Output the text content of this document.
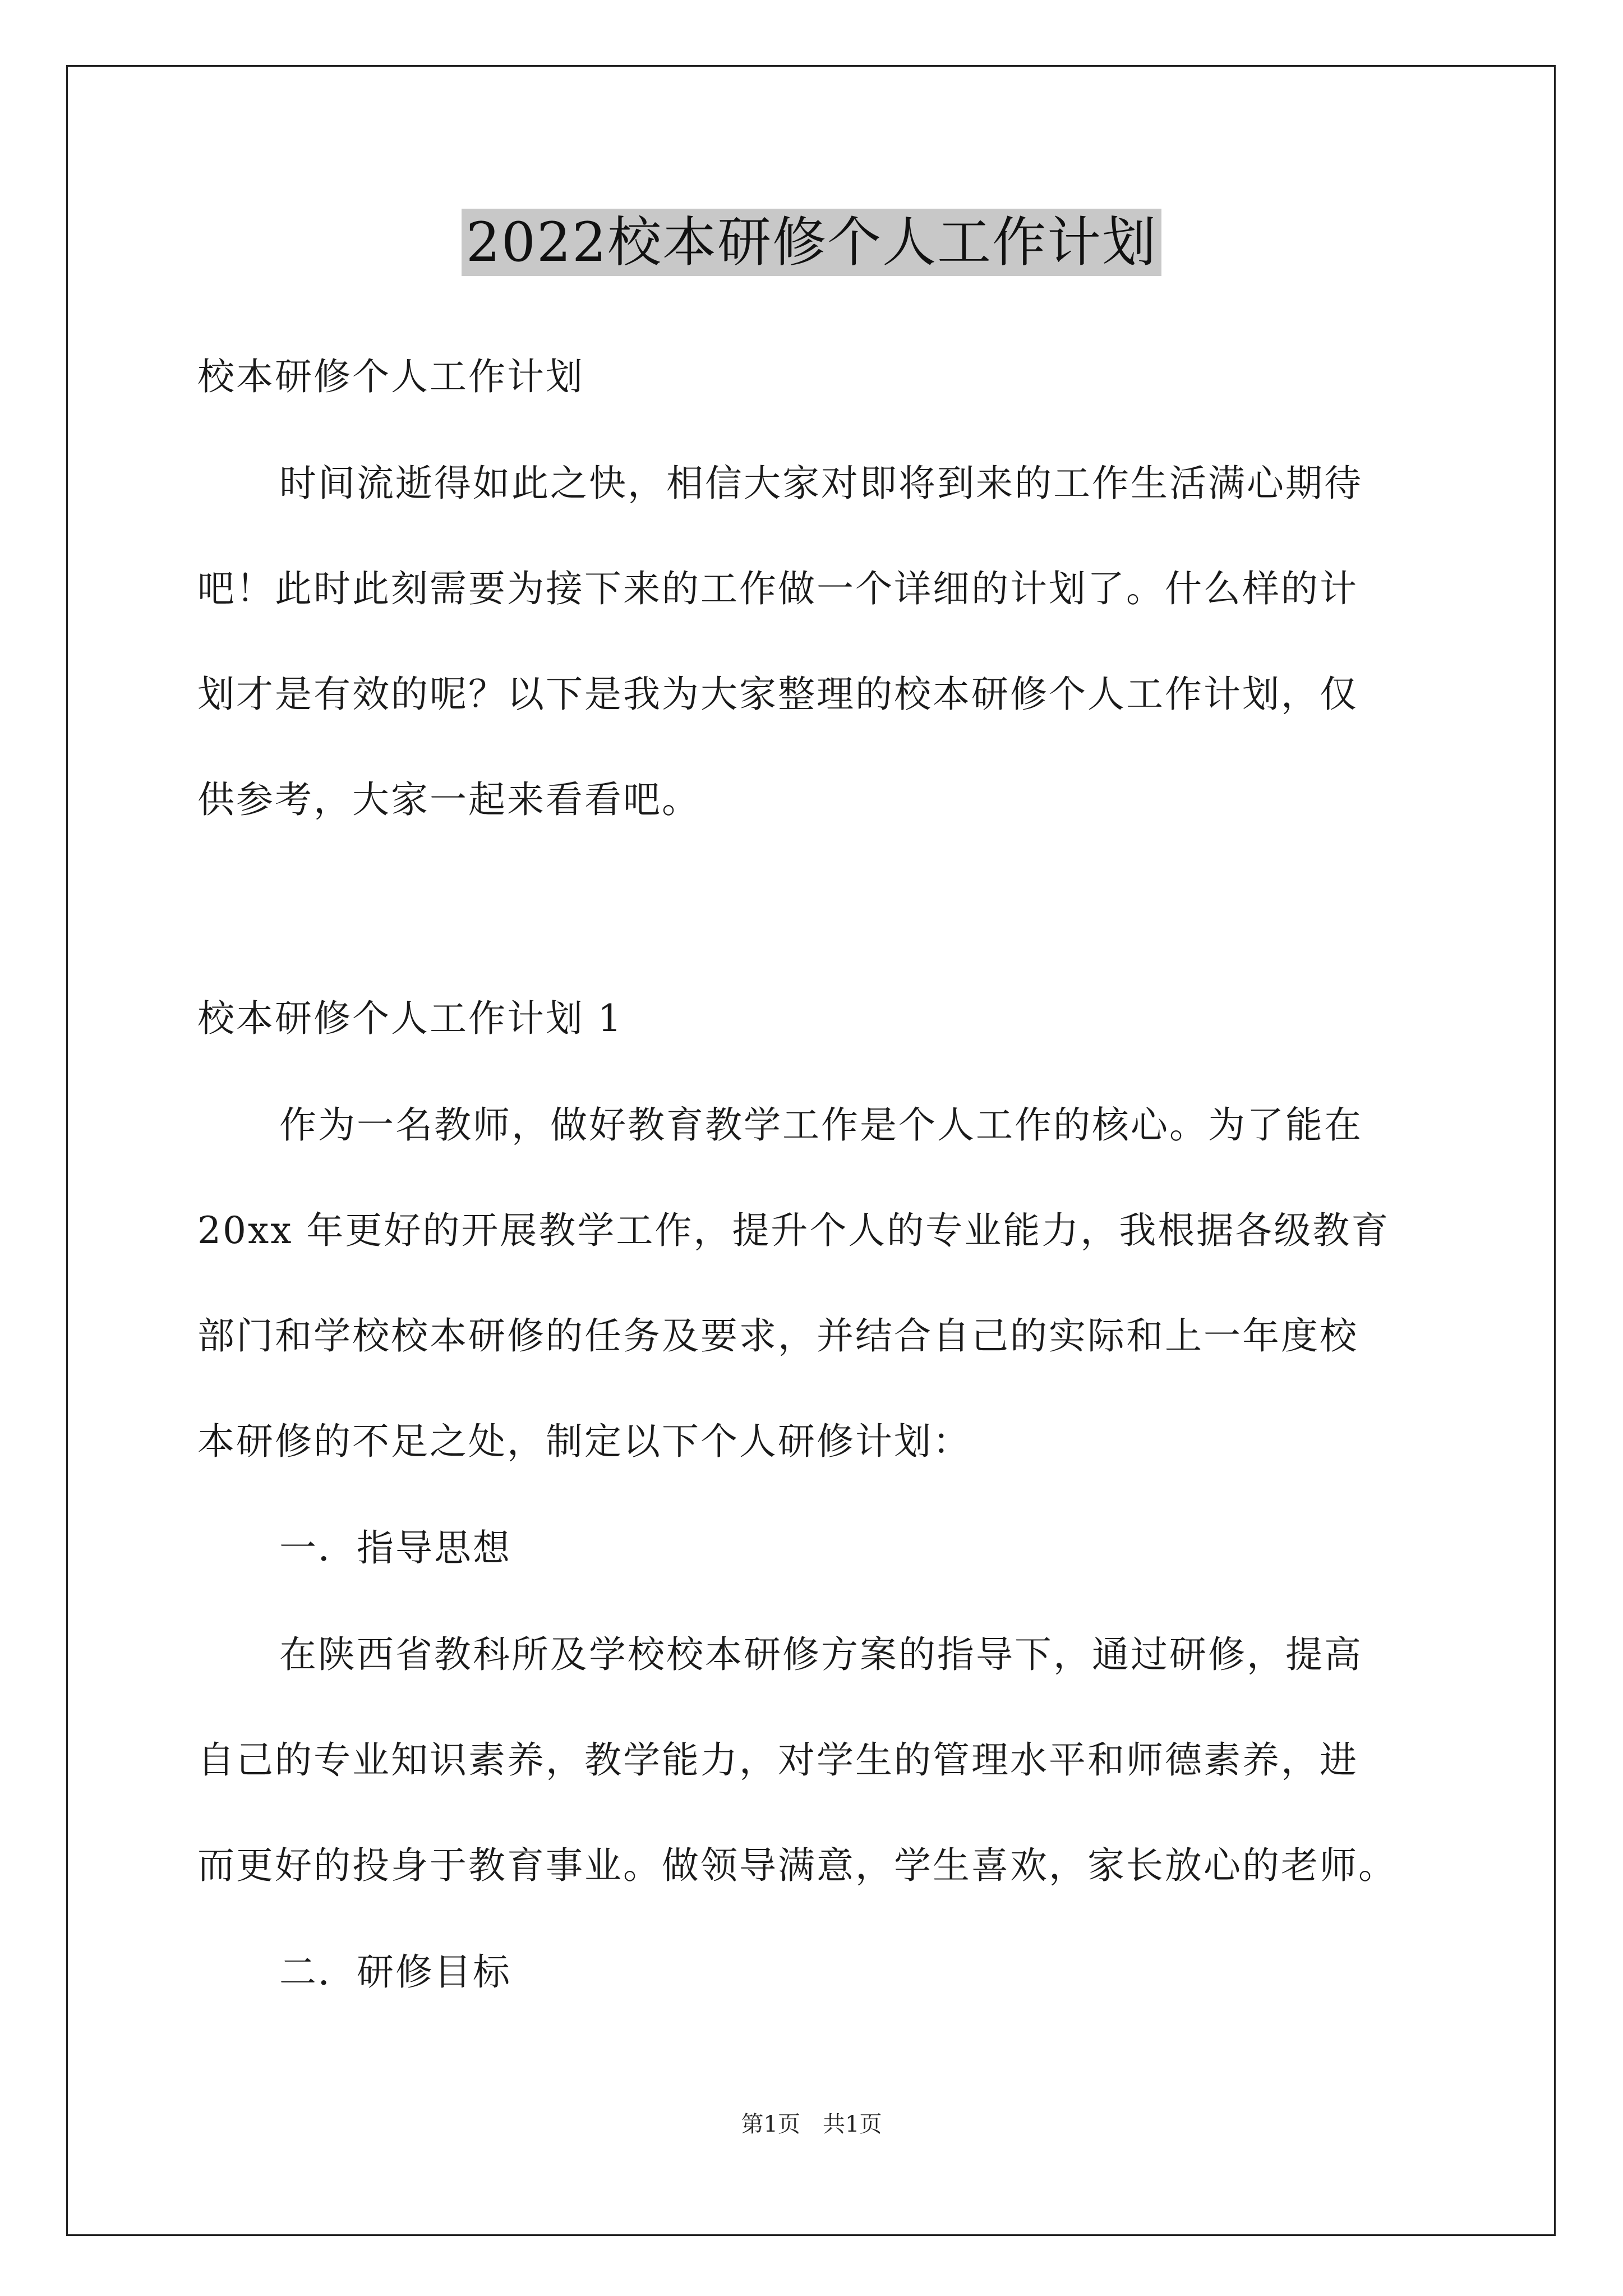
2022校本研修个人工作计划
校本研修个人工作计划
时间流逝得如此之快，相信大家对即将到来的工作生活满心期待
吧！此时此刻需要为接下来的工作做一个详细的计划了。什么样的计
划才是有效的呢？以下是我为大家整理的校本研修个人工作计划，仅
供参考，大家一起来看看吧。
校本研修个人工作计划 1
作为一名教师，做好教育教学工作是个人工作的核心。为了能在
20xx 年更好的开展教学工作，提升个人的专业能力，我根据各级教育
部门和学校校本研修的任务及要求，并结合自己的实际和上一年度校
本研修的不足之处，制定以下个人研修计划：
一．指导思想
在陕西省教科所及学校校本研修方案的指导下，通过研修，提高
自己的专业知识素养，教学能力，对学生的管理水平和师德素养，进
而更好的投身于教育事业。做领导满意，学生喜欢，家长放心的老师。
二．研修目标
第1页　共1页
